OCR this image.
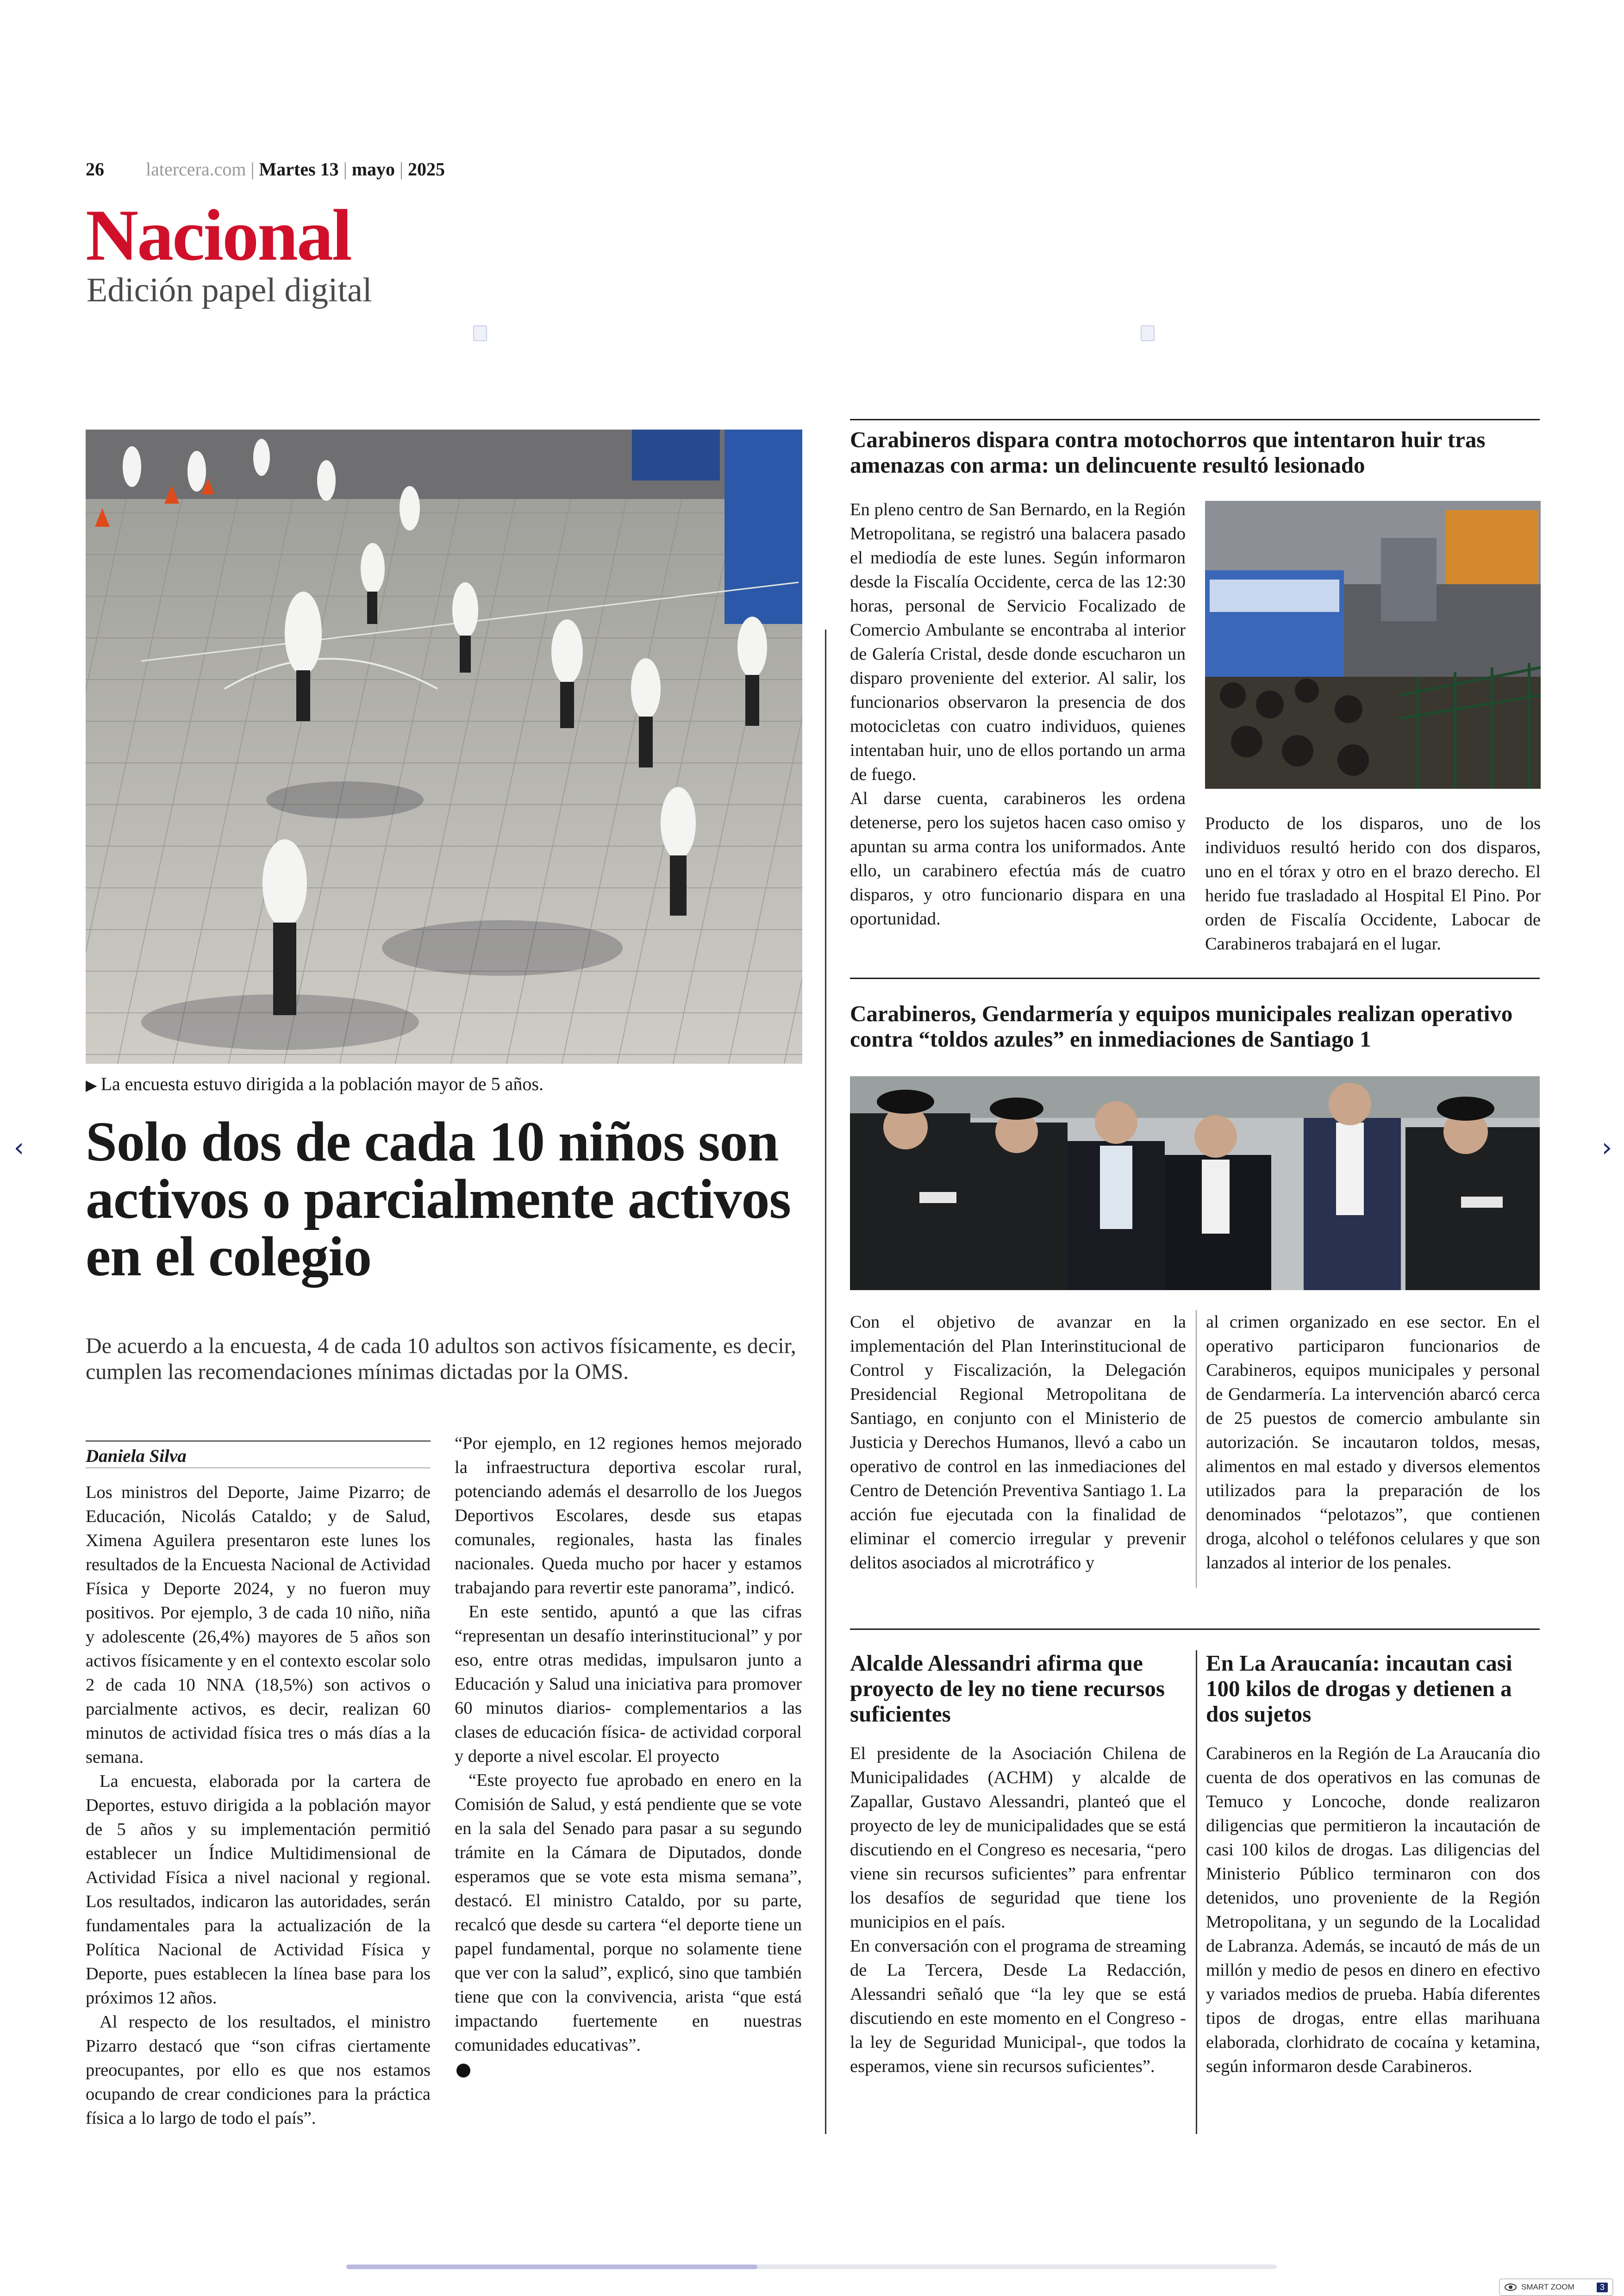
26 latercera.com | Martes 13 | mayo | 2025
Nacional
Edición papel digital
▶ La encuesta estuvo dirigida a la población mayor de 5 años.
Solo dos de cada 10 niños son activos o parcialmente activos en el colegio
De acuerdo a la encuesta, 4 de cada 10 adultos son activos físicamente, es decir, cumplen las recomendaciones mínimas dictadas por la OMS.
Daniela Silva

Los ministros del Deporte, Jaime Pizarro; de Educación, Nicolás Cataldo; y de Salud, Ximena Aguilera presentaron este lunes los resultados de la Encuesta Nacional de Actividad Física y Deporte 2024, y no fueron muy positivos. Por ejemplo, 3 de cada 10 niño, niña y adolescente (26,4%) mayores de 5 años son activos físicamente y en el contexto escolar solo 2 de cada 10 NNA (18,5%) son activos o parcialmente activos, es decir, realizan 60 minutos de actividad física tres o más días a la semana.

La encuesta, elaborada por la cartera de Deportes, estuvo dirigida a la población mayor de 5 años y su implementación permitió establecer un Índice Multidimensional de Actividad Física a nivel nacional y regional. Los resultados, indicaron las autoridades, serán fundamentales para la actualización de la Política Nacional de Actividad Física y Deporte, pues establecen la línea base para los próximos 12 años.

Al respecto de los resultados, el ministro Pizarro destacó que “son cifras ciertamente preocupantes, por ello es que nos estamos ocupando de crear condiciones para la práctica física a lo largo de todo el país”.

“Por ejemplo, en 12 regiones hemos mejorado la infraestructura deportiva escolar rural, potenciando además el desarrollo de los Juegos Deportivos Escolares, desde sus etapas comunales, regionales, hasta las finales nacionales. Queda mucho por hacer y estamos trabajando para revertir este panorama”, indicó.

En este sentido, apuntó a que las cifras “representan un desafío interinstitucional” y por eso, entre otras medidas, impulsaron junto a Educación y Salud una iniciativa para promover 60 minutos diarios- complementarios a las clases de educación física- de actividad corporal y deporte a nivel escolar. El proyecto

“Este proyecto fue aprobado en enero en la Comisión de Salud, y está pendiente que se vote en la sala del Senado para pasar a su segundo trámite en la Cámara de Diputados, donde esperamos que se vote esta misma semana”, destacó. El ministro Cataldo, por su parte, recalcó que desde su cartera “el deporte tiene un papel fundamental, porque no solamente tiene que ver con la salud”, explicó, sino que también tiene que con la convivencia, arista “que está impactando fuertemente en nuestras comunidades educativas”.

Carabineros dispara contra motochorros que intentaron huir tras amenazas con arma: un delincuente resultó lesionado

En pleno centro de San Bernardo, en la Región Metropolitana, se registró una balacera pasado el mediodía de este lunes. Según informaron desde la Fiscalía Occidente, cerca de las 12:30 horas, personal de Servicio Focalizado de Comercio Ambulante se encontraba al interior de Galería Cristal, desde donde escucharon un disparo proveniente del exterior. Al salir, los funcionarios observaron la presencia de dos motocicletas con cuatro individuos, quienes intentaban huir, uno de ellos portando un arma de fuego.

Al darse cuenta, carabineros les ordena detenerse, pero los sujetos hacen caso omiso y apuntan su arma contra los uniformados. Ante ello, un carabinero efectúa más de cuatro disparos, y otro funcionario dispara en una oportunidad.

Producto de los disparos, uno de los individuos resultó herido con dos disparos, uno en el tórax y otro en el brazo derecho. El herido fue trasladado al Hospital El Pino. Por orden de Fiscalía Occidente, Labocar de Carabineros trabajará en el lugar.

Carabineros, Gendarmería y equipos municipales realizan operativo contra “toldos azules” en inmediaciones de Santiago 1

Con el objetivo de avanzar en la implementación del Plan Interinstitucional de Control y Fiscalización, la Delegación Presidencial Regional Metropolitana de Santiago, en conjunto con el Ministerio de Justicia y Derechos Humanos, llevó a cabo un operativo de control en las inmediaciones del Centro de Detención Preventiva Santiago 1. La acción fue ejecutada con la finalidad de eliminar el comercio irregular y prevenir delitos asociados al microtráfico y

al crimen organizado en ese sector. En el operativo participaron funcionarios de Carabineros, equipos municipales y personal de Gendarmería. La intervención abarcó cerca de 25 puestos de comercio ambulante sin autorización. Se incautaron toldos, mesas, alimentos en mal estado y diversos elementos utilizados para la preparación de los denominados “pelotazos”, que contienen droga, alcohol o teléfonos celulares y que son lanzados al interior de los penales.

Alcalde Alessandri afirma que proyecto de ley no tiene recursos suficientes

El presidente de la Asociación Chilena de Municipalidades (ACHM) y alcalde de Zapallar, Gustavo Alessandri, planteó que el proyecto de ley de municipalidades que se está discutiendo en el Congreso es necesaria, “pero viene sin recursos suficientes” para enfrentar los desafíos de seguridad que tiene los municipios en el país.

En conversación con el programa de streaming de La Tercera, Desde La Redacción, Alessandri señaló que “la ley que se está discutiendo en este momento en el Congreso -la ley de Seguridad Municipal-, que todos la esperamos, viene sin recursos suficientes”.

En La Araucanía: incautan casi 100 kilos de drogas y detienen a dos sujetos

Carabineros en la Región de La Araucanía dio cuenta de dos operativos en las comunas de Temuco y Loncoche, donde realizaron diligencias que permitieron la incautación de casi 100 kilos de drogas. Las diligencias del Ministerio Público terminaron con dos detenidos, uno proveniente de la Región Metropolitana, y un segundo de la Localidad de Labranza. Además, se incautó de más de un millón y medio de pesos en dinero en efectivo y variados medios de prueba. Había diferentes tipos de drogas, entre ellas marihuana elaborada, clorhidrato de cocaína y ketamina, según informaron desde Carabineros.

‹	›
SMART ZOOM	3
